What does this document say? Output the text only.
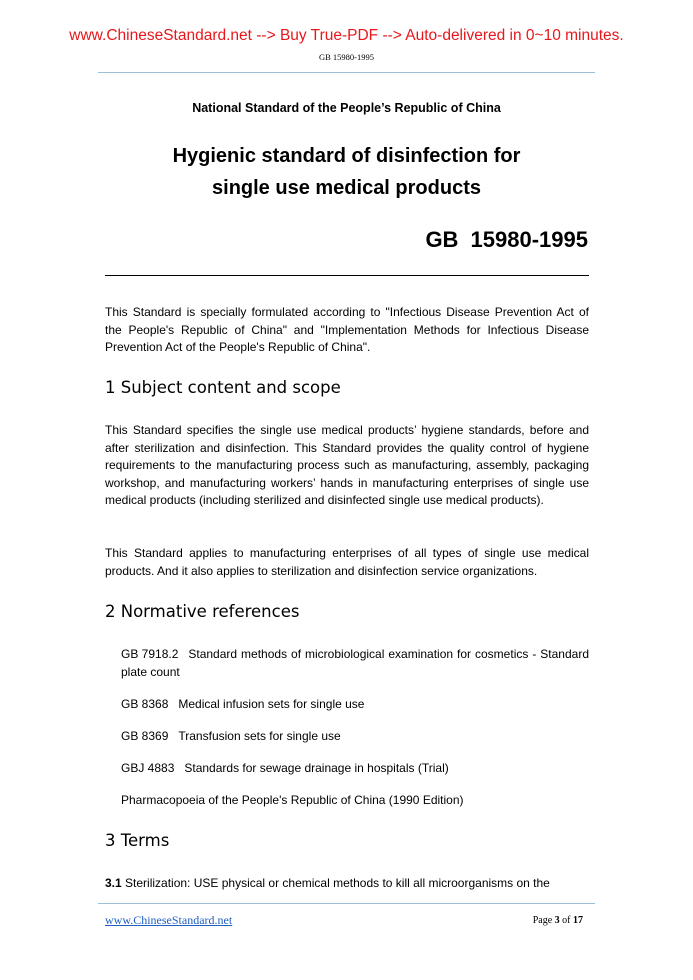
www.ChineseStandard.net --> Buy True-PDF --> Auto-delivered in 0~10 minutes.
GB 15980-1995
National Standard of the People’s Republic of China
Hygienic standard of disinfection for
single use medical products
GB 15980-1995

This Standard is specially formulated according to "Infectious Disease Prevention Act of the People's Republic of China" and "Implementation Methods for Infectious Disease Prevention Act of the People's Republic of China".

1 Subject content and scope

This Standard specifies the single use medical products’ hygiene standards, before and after sterilization and disinfection. This Standard provides the quality control of hygiene requirements to the manufacturing process such as manufacturing, assembly, packaging workshop, and manufacturing workers’ hands in manufacturing enterprises of single use medical products (including sterilized and disinfected single use medical products).

This Standard applies to manufacturing enterprises of all types of single use medical products. And it also applies to sterilization and disinfection service organizations.

2 Normative references

GB 7918.2 Standard methods of microbiological examination for cosmetics - Standard plate count

GB 8368 Medical infusion sets for single use

GB 8369 Transfusion sets for single use

GBJ 4883 Standards for sewage drainage in hospitals (Trial)

Pharmacopoeia of the People's Republic of China (1990 Edition)

3 Terms

3.1 Sterilization: USE physical or chemical methods to kill all microorganisms on the

www.ChineseStandard.net	Page 3 of 17
